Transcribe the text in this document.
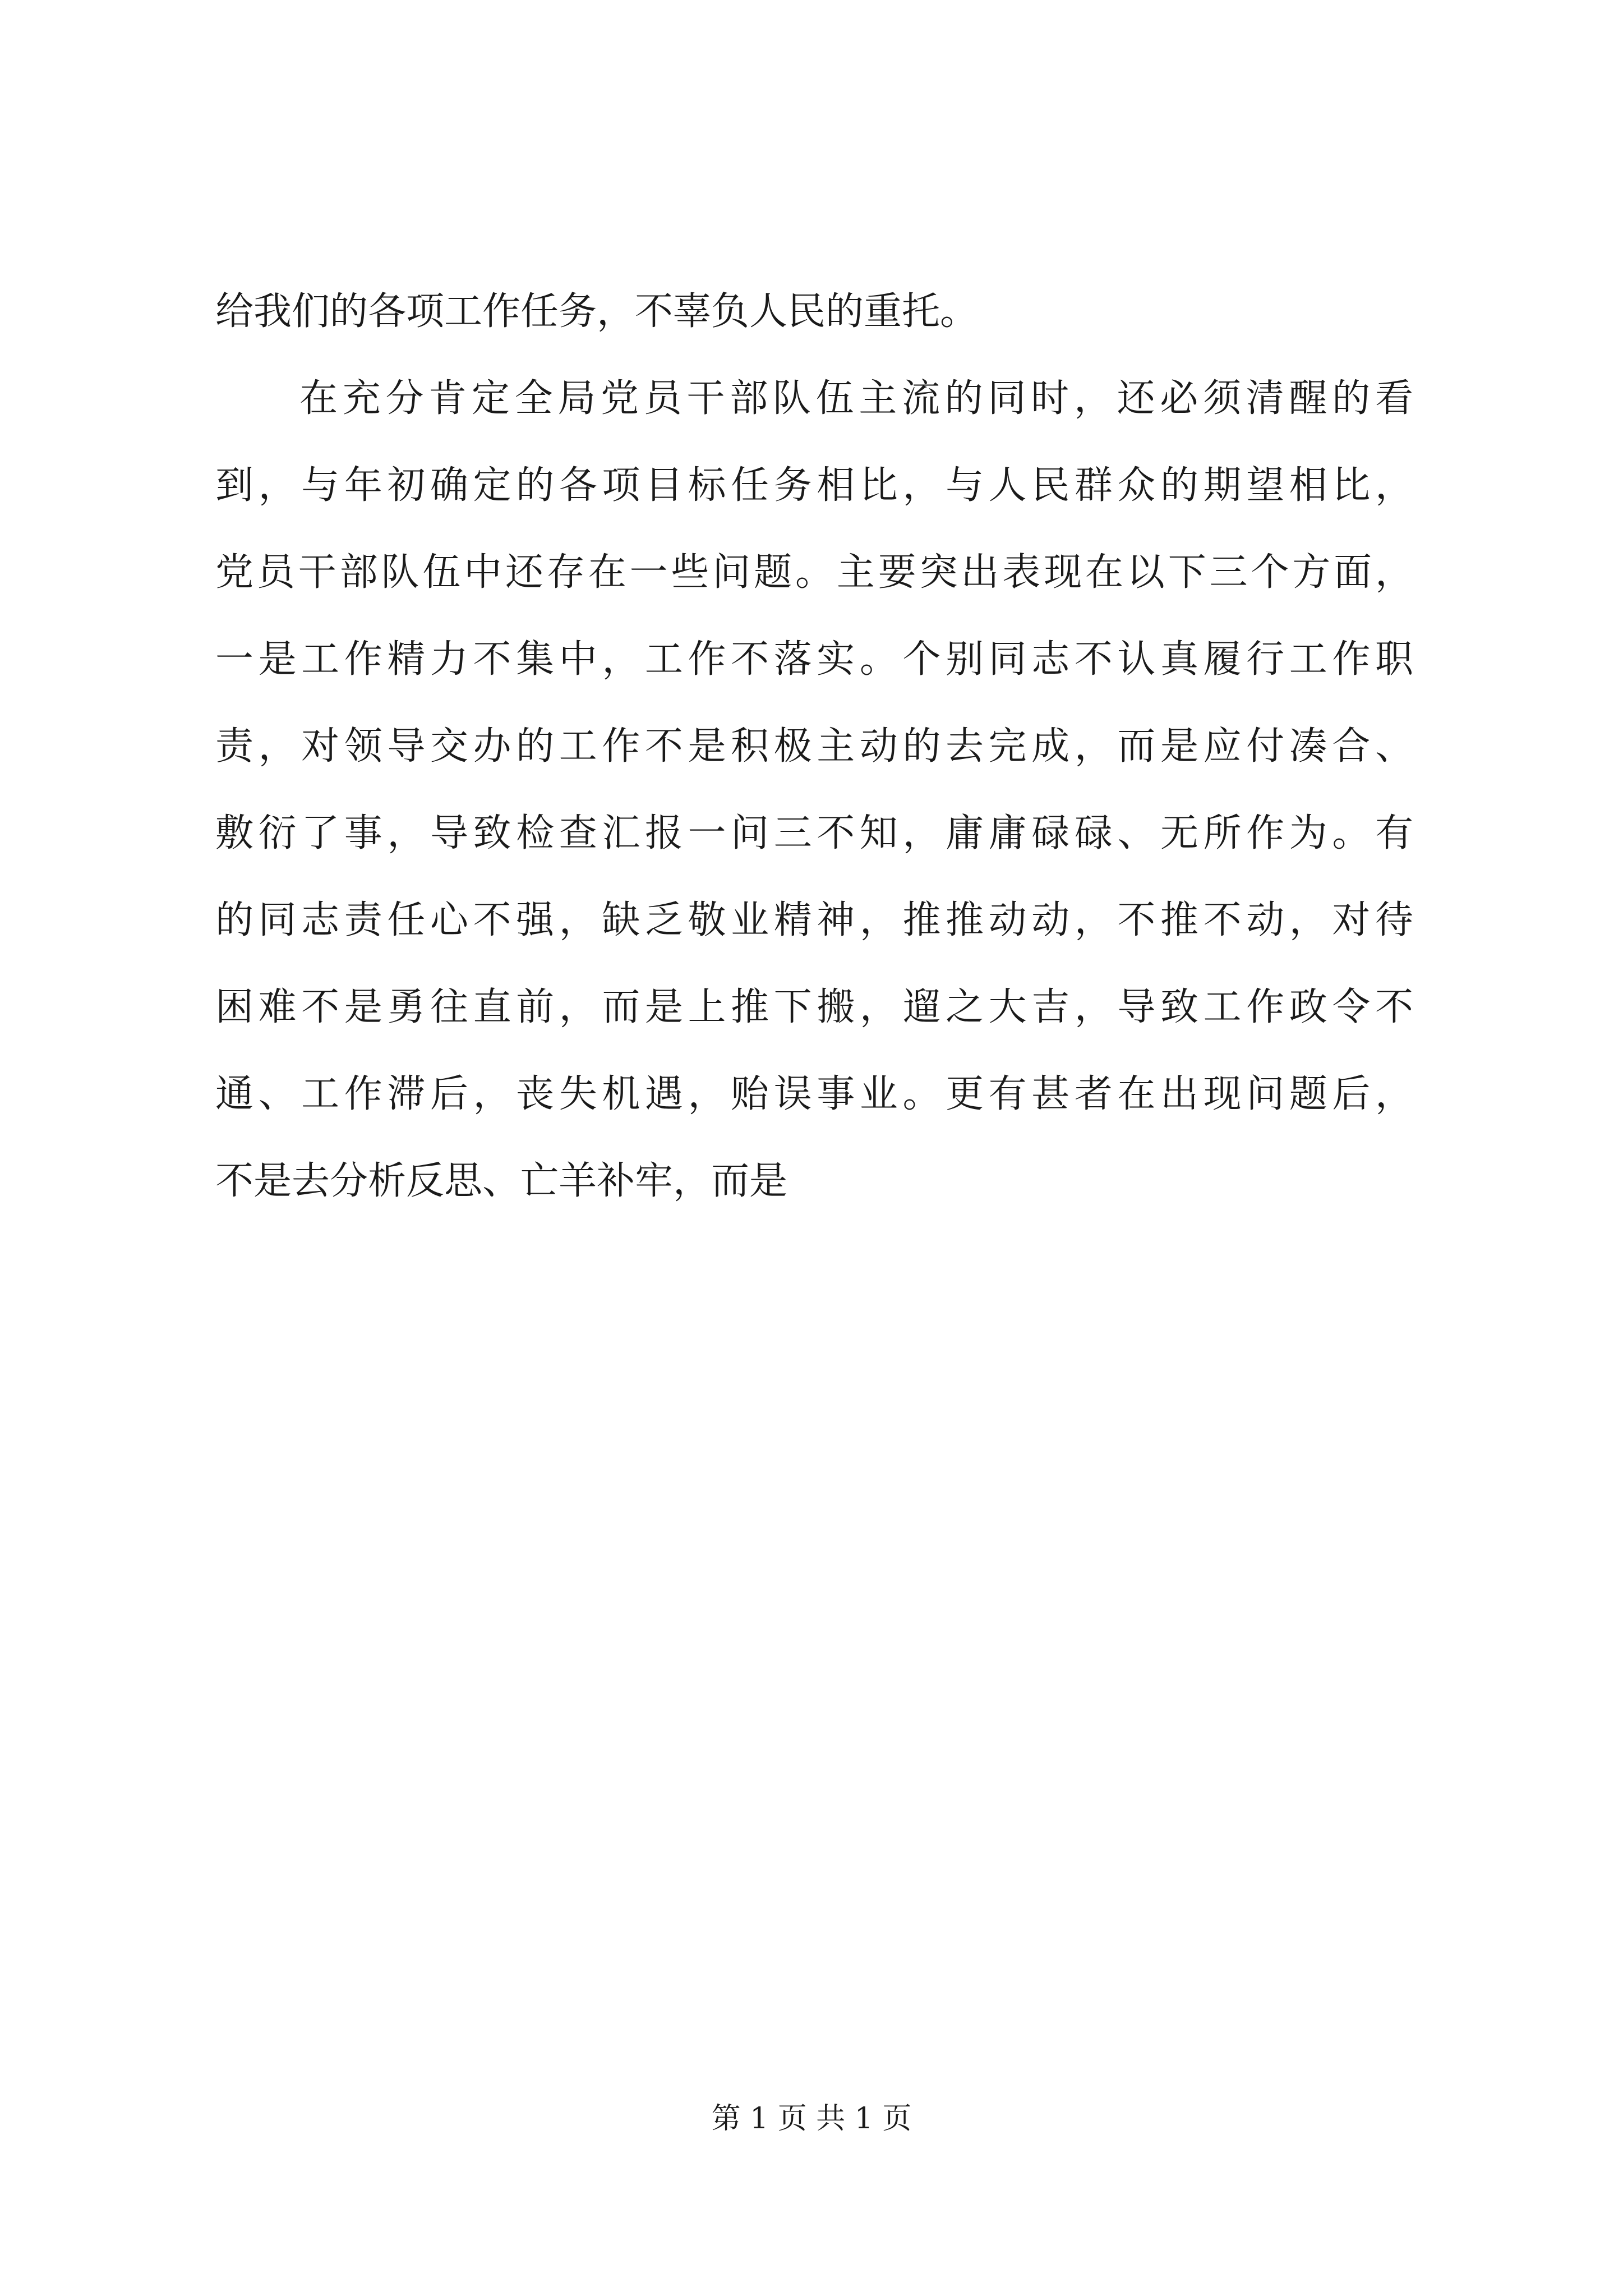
给我们的各项工作任务，不辜负人民的重托。
在充分肯定全局党员干部队伍主流的同时，还必须清醒的看
到，与年初确定的各项目标任务相比，与人民群众的期望相比，
党员干部队伍中还存在一些问题。主要突出表现在以下三个方面，
一是工作精力不集中，工作不落实。个别同志不认真履行工作职
责，对领导交办的工作不是积极主动的去完成，而是应付凑合、
敷衍了事，导致检查汇报一问三不知，庸庸碌碌、无所作为。有
的同志责任心不强，缺乏敬业精神，推推动动，不推不动，对待
困难不是勇往直前，而是上推下搬，遛之大吉，导致工作政令不
通、工作滞后，丧失机遇，贻误事业。更有甚者在出现问题后，
不是去分析反思、亡羊补牢，而是
第 1 页 共 1 页
